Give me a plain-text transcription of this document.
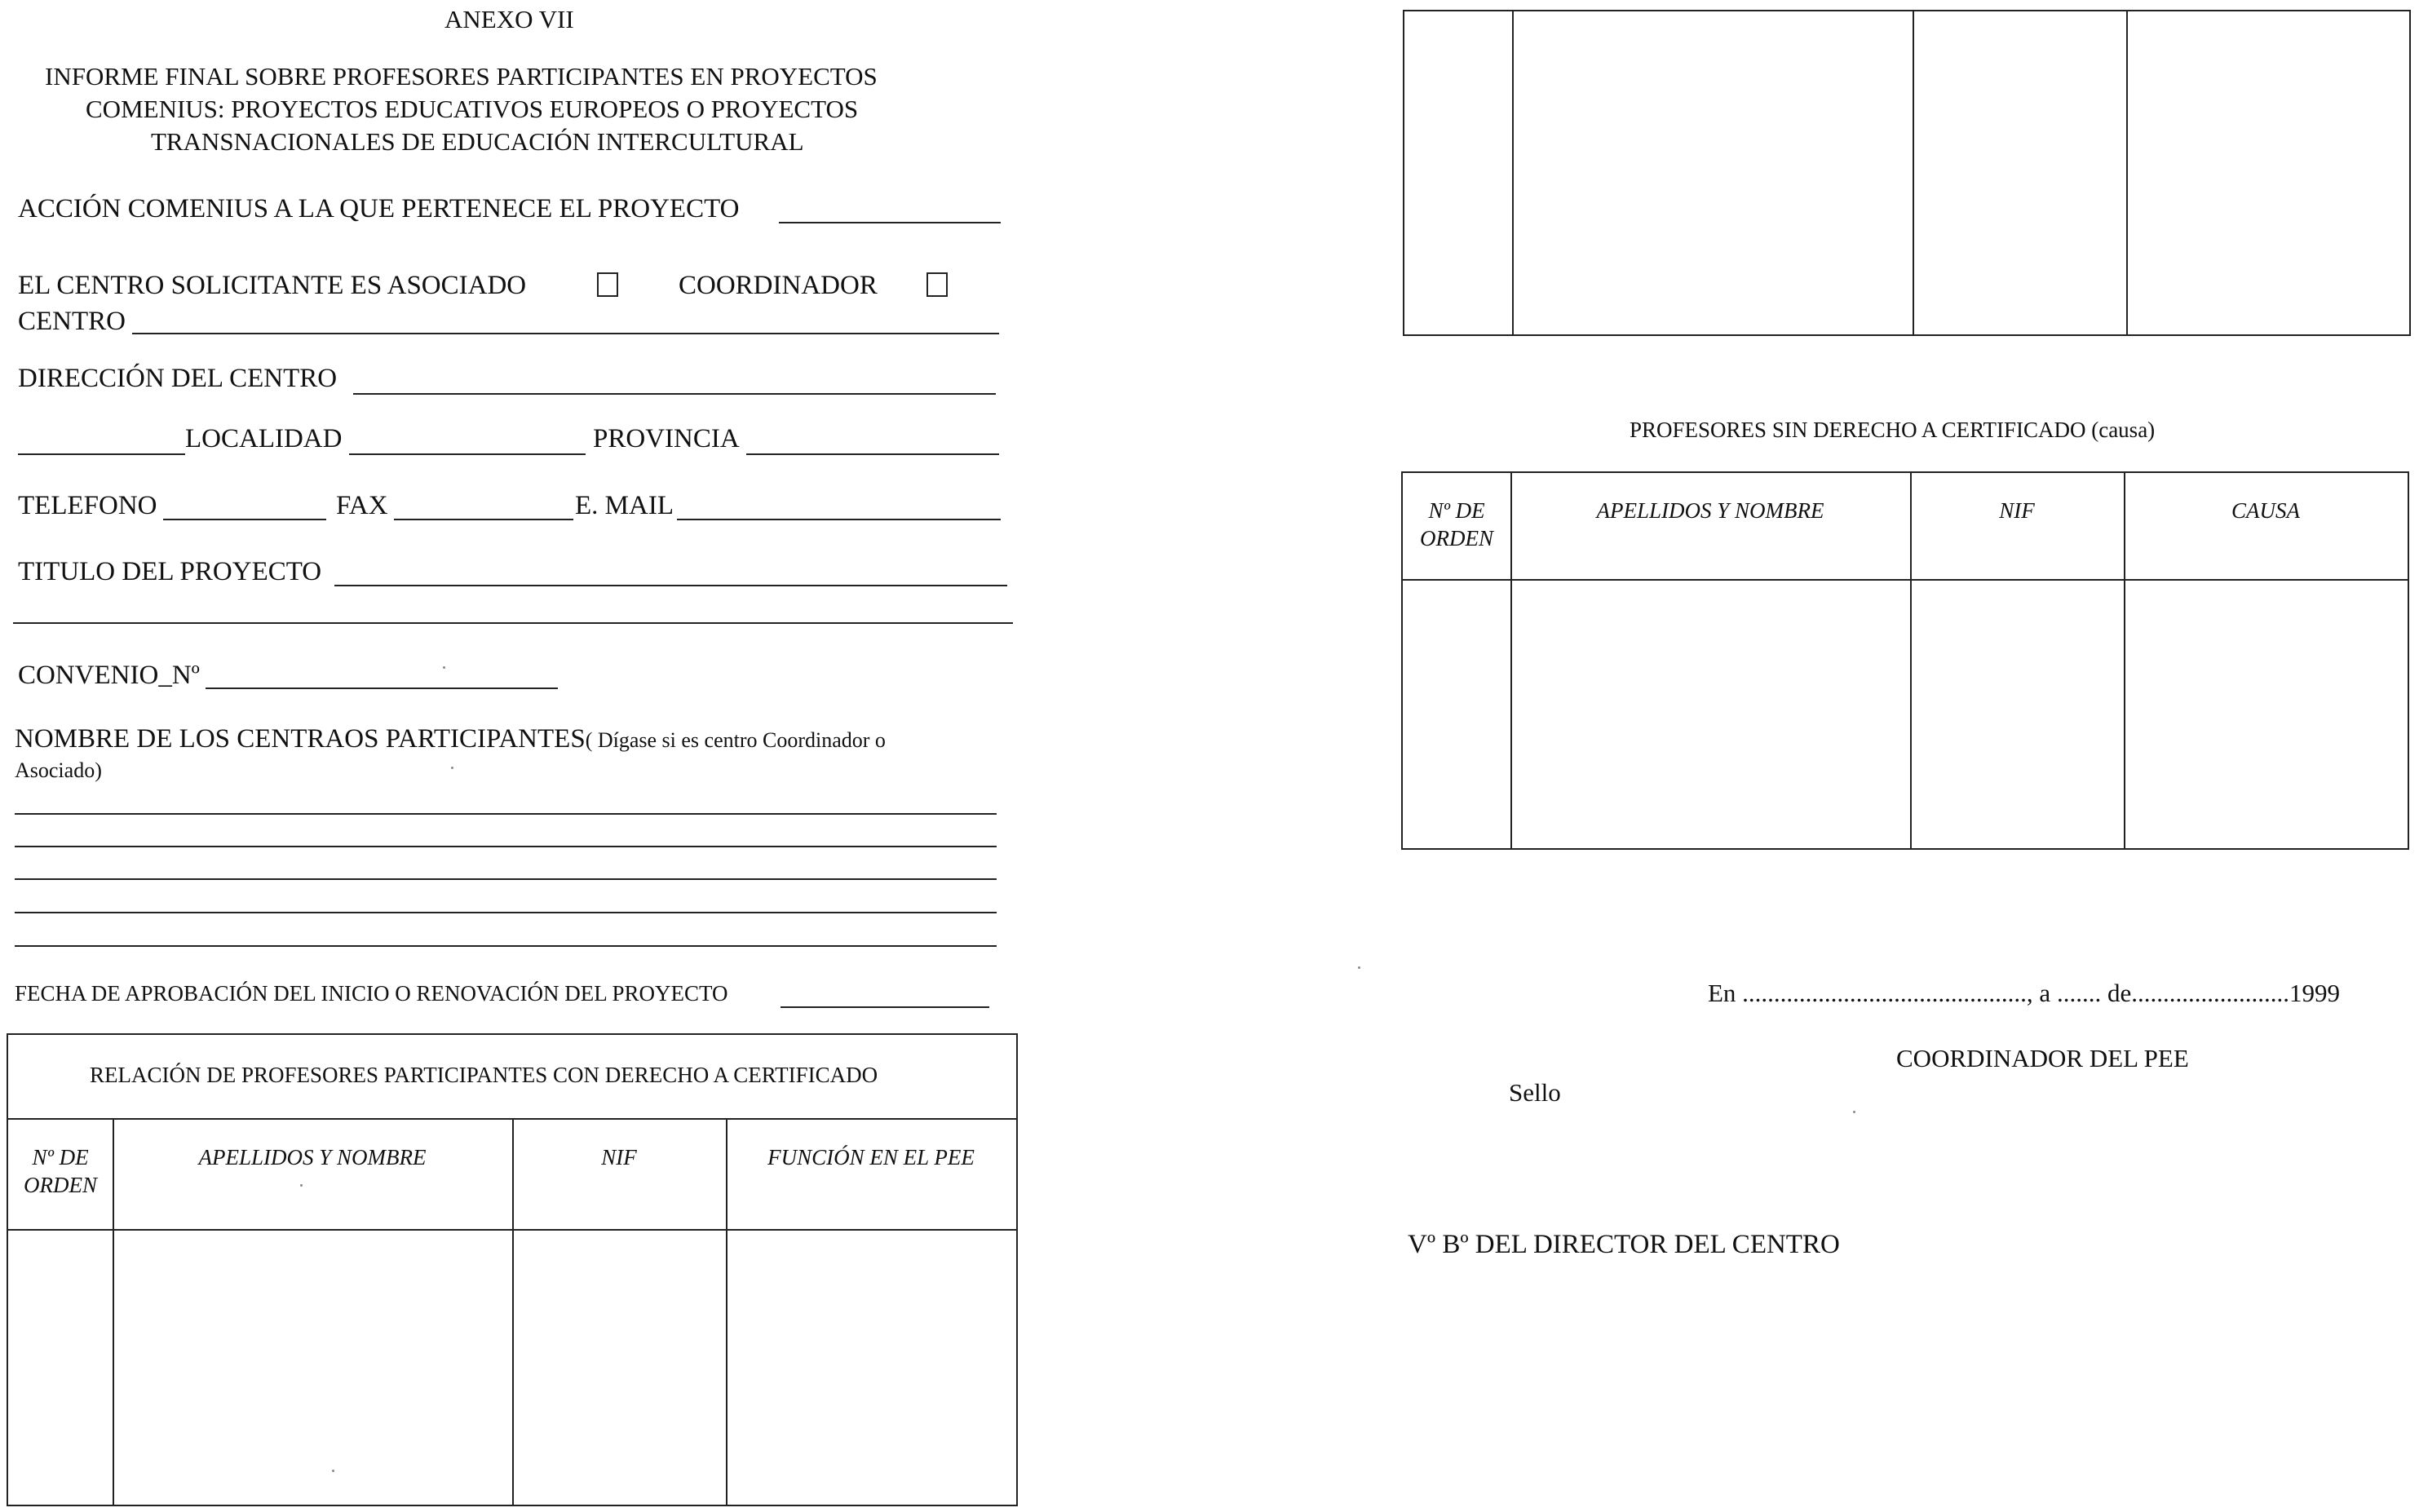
ANEXO VII
INFORME FINAL SOBRE PROFESORES PARTICIPANTES EN PROYECTOS
COMENIUS: PROYECTOS EDUCATIVOS EUROPEOS O PROYECTOS
TRANSNACIONALES DE EDUCACIÓN INTERCULTURAL
ACCIÓN COMENIUS A LA QUE PERTENECE EL PROYECTO
EL CENTRO SOLICITANTE ES ASOCIADO	COORDINADOR
CENTRO
DIRECCIÓN DEL CENTRO
LOCALIDAD	PROVINCIA
TELEFONO	FAX	E. MAIL
TITULO DEL PROYECTO
CONVENIO_Nº
NOMBRE DE LOS CENTRAOS PARTICIPANTES( Dígase si es centro Coordinador o
Asociado)
FECHA DE APROBACIÓN DEL INICIO O RENOVACIÓN DEL PROYECTO
RELACIÓN DE PROFESORES PARTICIPANTES CON DERECHO A CERTIFICADO
Nº DE
ORDEN
APELLIDOS Y NOMBRE	NIF	FUNCIÓN EN EL PEE
PROFESORES SIN DERECHO A CERTIFICADO (causa)
Nº DE
ORDEN
APELLIDOS Y NOMBRE	NIF	CAUSA
En ............................................., a ....... de.........................1999
COORDINADOR DEL PEE
Sello
Vº Bº DEL DIRECTOR DEL CENTRO
